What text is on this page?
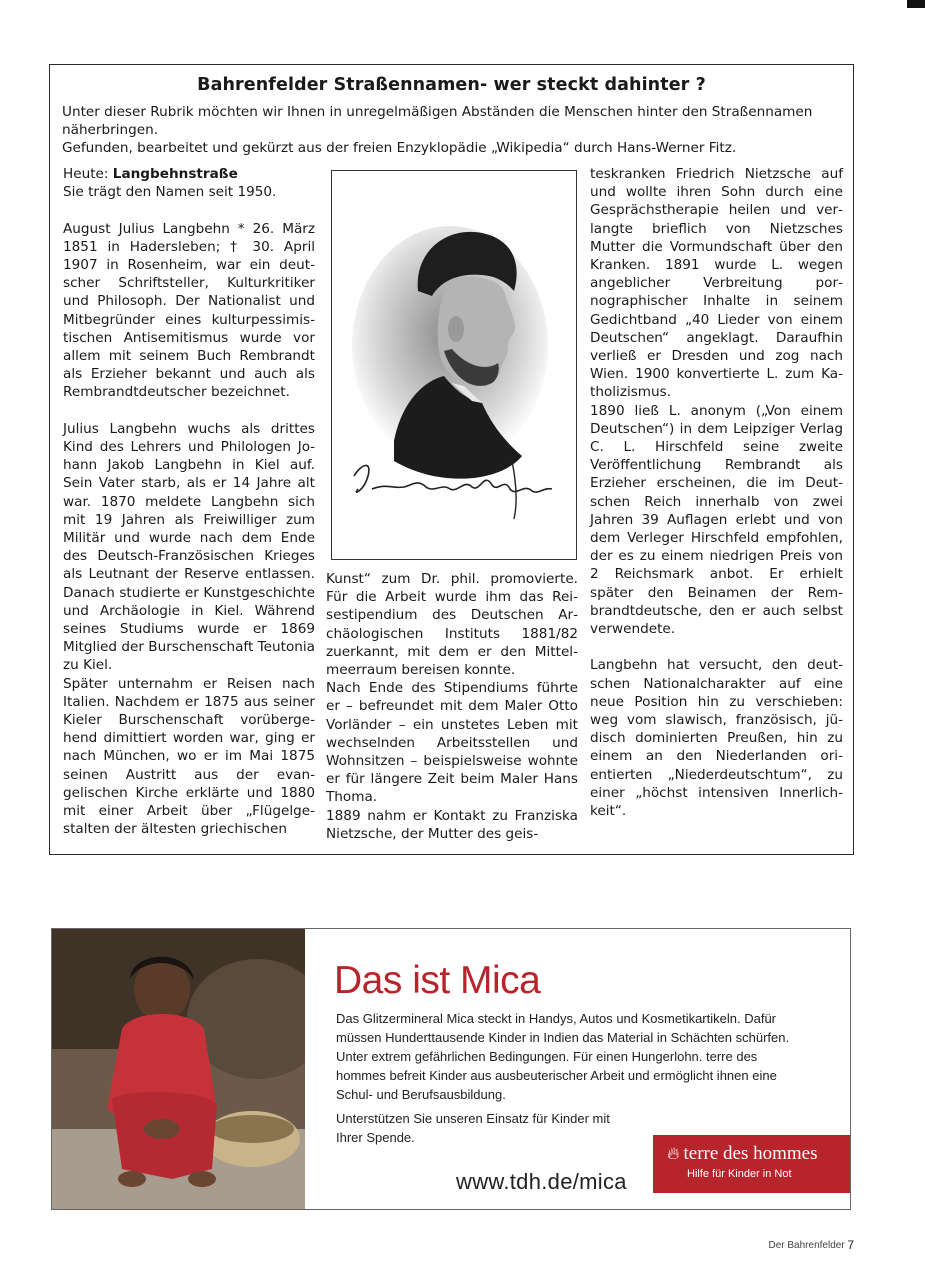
Bahrenfelder Straßennamen- wer steckt dahinter ?

Unter dieser Rubrik möchten wir Ihnen in unregelmäßigen Abständen die Menschen hinter den Straßennamen näherbringen.

Gefunden, bearbeitet und gekürzt aus der freien Enzyklopädie „Wikipedia“ durch Hans-Werner Fitz.

Heute: Langbehnstraße

Sie trägt den Namen seit 1950.

August Julius Langbehn * 26. März 1851 in Hadersleben; † 30. April 1907 in Rosenheim, war ein deutscher Schriftsteller, Kulturkritiker und Philosoph. Der Nationalist und Mitbegründer eines kulturpessimistischen Antisemitismus wurde vor allem mit seinem Buch Rembrandt als Erzieher bekannt und auch als Rembrandtdeutscher bezeichnet.

Julius Langbehn wuchs als drittes Kind des Lehrers und Philologen Johann Jakob Langbehn in Kiel auf. Sein Vater starb, als er 14 Jahre alt war. 1870 meldete Langbehn sich mit 19 Jahren als Freiwilliger zum Militär und wurde nach dem Ende des Deutsch-Französischen Krieges als Leutnant der Reserve entlassen. Danach studierte er Kunstgeschichte und Archäologie in Kiel. Während seines Studiums wurde er 1869 Mitglied der Burschenschaft Teutonia zu Kiel.

Später unternahm er Reisen nach Italien. Nachdem er 1875 aus seiner Kieler Burschenschaft vorübergehend dimittiert worden war, ging er nach München, wo er im Mai 1875 seinen Austritt aus der evangelischen Kirche erklärte und 1880 mit einer Arbeit über „Flügelgestalten der ältesten griechischen

Kunst“ zum Dr. phil. promovierte. Für die Arbeit wurde ihm das Reisestipendium des Deutschen Archäologischen Instituts 1881/82 zuerkannt, mit dem er den Mittelmeerraum bereisen konnte.

Nach Ende des Stipendiums führte er – befreundet mit dem Maler Otto Vorländer – ein unstetes Leben mit wechselnden Arbeitsstellen und Wohnsitzen – beispielsweise wohnte er für längere Zeit beim Maler Hans Thoma.

1889 nahm er Kontakt zu Franziska Nietzsche, der Mutter des geis-

teskranken Friedrich Nietzsche auf und wollte ihren Sohn durch eine Gesprächstherapie heilen und verlangte brieflich von Nietzsches Mutter die Vormundschaft über den Kranken. 1891 wurde L. wegen angeblicher Verbreitung pornographischer Inhalte in seinem Gedichtband „40 Lieder von einem Deutschen“ angeklagt. Daraufhin verließ er Dresden und zog nach Wien. 1900 konvertierte L. zum Katholizismus.

1890 ließ L. anonym („Von einem Deutschen“) in dem Leipziger Verlag C. L. Hirschfeld seine zweite Veröffentlichung Rembrandt als Erzieher erscheinen, die im Deutschen Reich innerhalb von zwei Jahren 39 Auflagen erlebt und von dem Verleger Hirschfeld empfohlen, der es zu einem niedrigen Preis von 2 Reichsmark anbot. Er erhielt später den Beinamen der Rembrandtdeutsche, den er auch selbst verwendete.

Langbehn hat versucht, den deutschen Nationalcharakter auf eine neue Position hin zu verschieben: weg vom slawisch, französisch, jüdisch dominierten Preußen, hin zu einem an den Niederlanden orientierten „Niederdeutschtum“, zu einer „höchst intensiven Innerlichkeit“.

Das ist Mica

Das Glitzermineral Mica steckt in Handys, Autos und Kosmetikartikeln. Dafür müssen Hunderttausende Kinder in Indien das Material in Schächten schürfen. Unter extrem gefährlichen Bedingungen. Für einen Hungerlohn. terre des hommes befreit Kinder aus ausbeuterischer Arbeit und ermöglicht ihnen eine Schul- und Berufsausbildung.

Unterstützen Sie unseren Einsatz für Kinder mit Ihrer Spende.
www.tdh.de/mica
🔥︎ terre des hommes
Hilfe für Kinder in Not
Der Bahrenfelder 7
